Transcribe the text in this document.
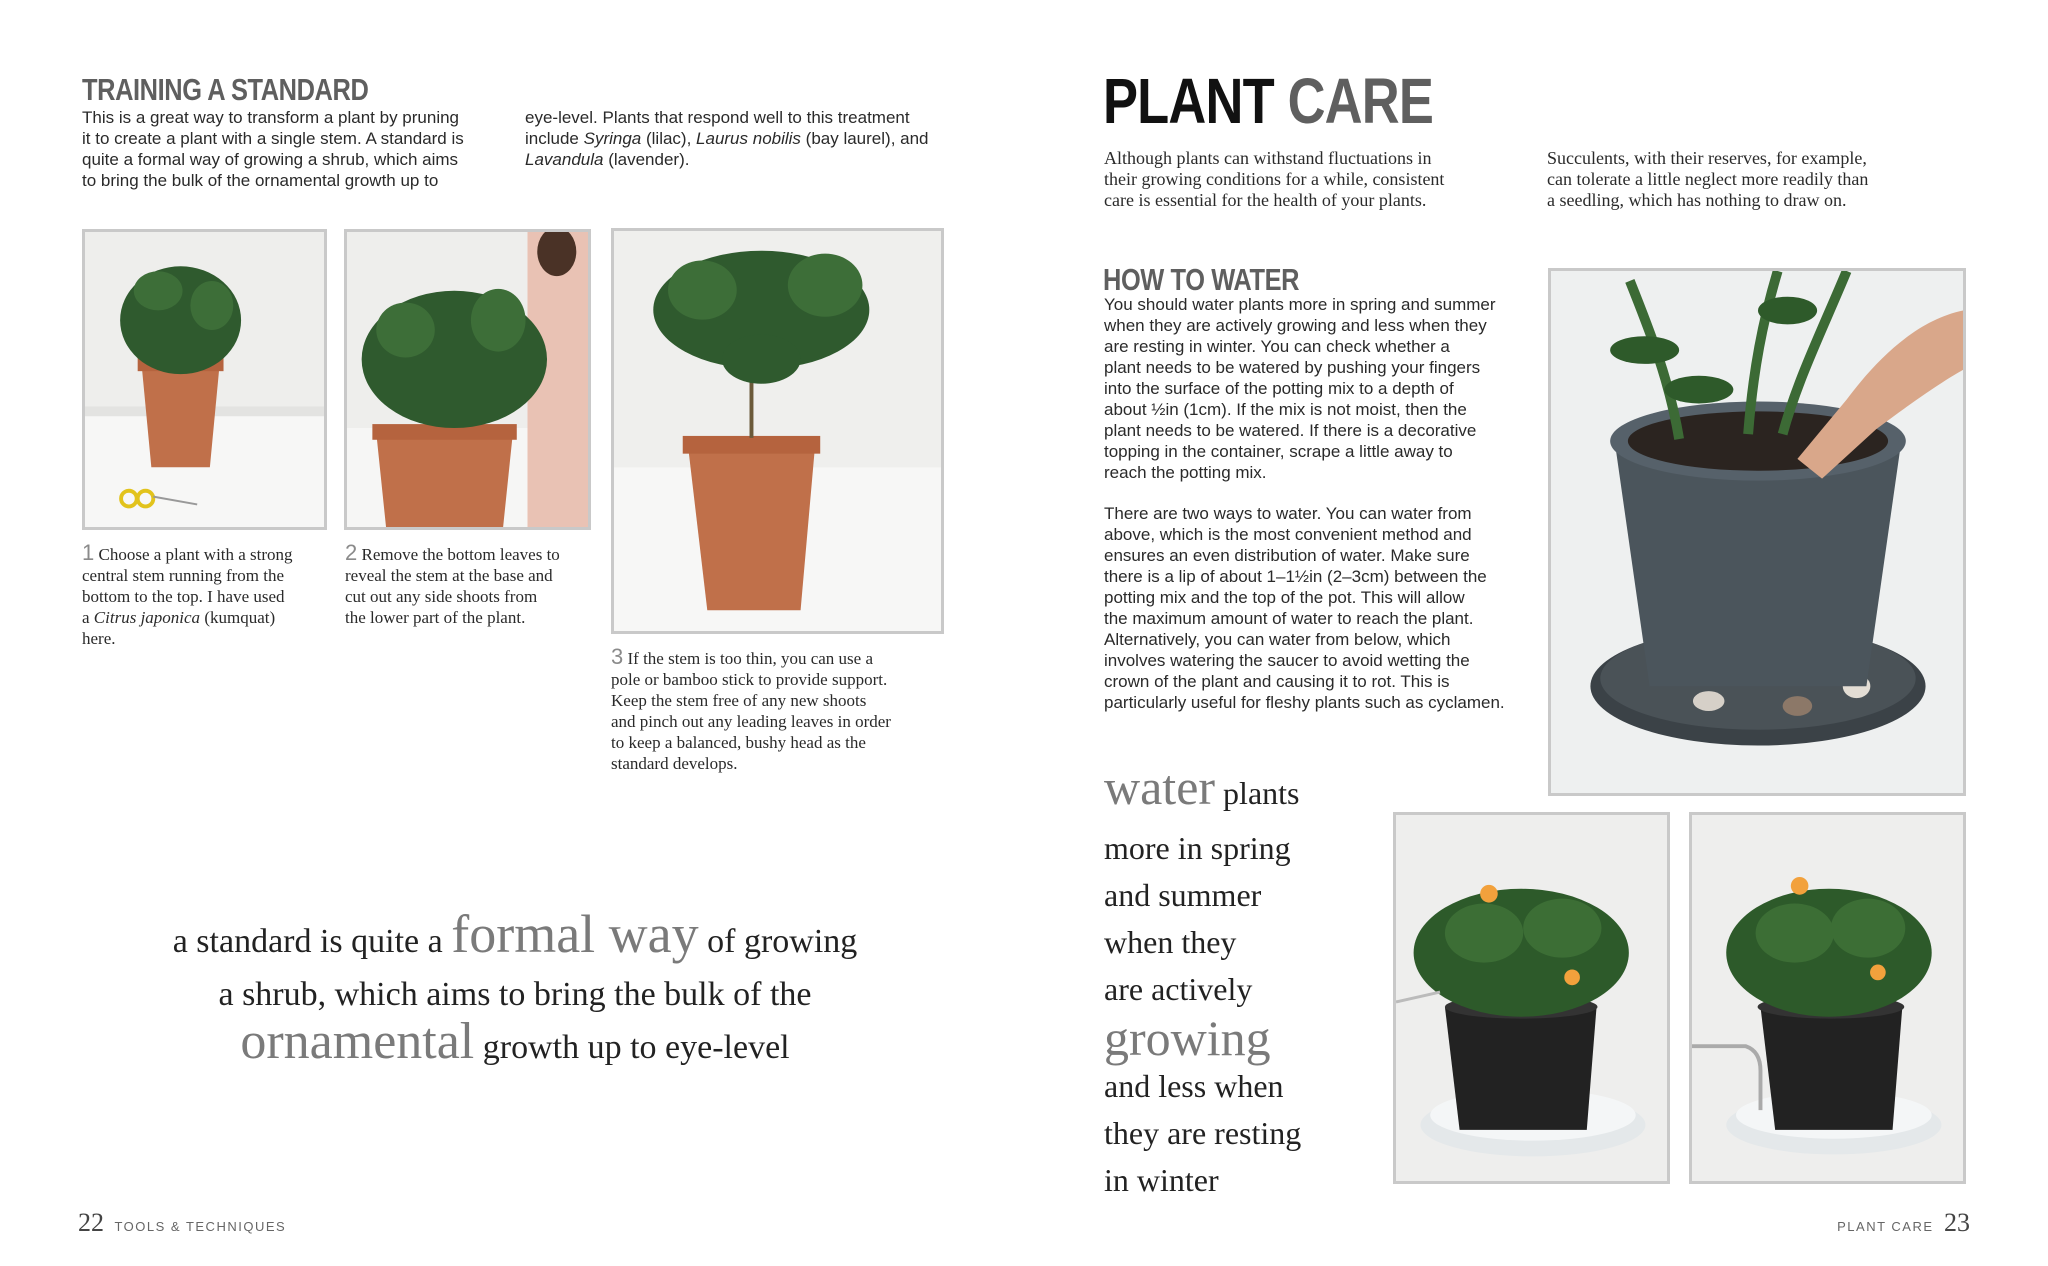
TRAINING A STANDARD
This is a great way to transform a plant by pruning
it to create a plant with a single stem. A standard is
quite a formal way of growing a shrub, which aims
to bring the bulk of the ornamental growth up to
eye-level. Plants that respond well to this treatment
include Syringa (lilac), Laurus nobilis (bay laurel), and
Lavandula (lavender).
1 Choose a plant with a strong
central stem running from the
bottom to the top. I have used
a Citrus japonica (kumquat)
here.
2 Remove the bottom leaves to
reveal the stem at the base and
cut out any side shoots from
the lower part of the plant.
3 If the stem is too thin, you can use a
pole or bamboo stick to provide support.
Keep the stem free of any new shoots
and pinch out any leading leaves in order
to keep a balanced, bushy head as the
standard develops.
a standard is quite a formal way of growing
a shrub, which aims to bring the bulk of the
ornamental growth up to eye-level
22 TOOLS & TECHNIQUES
PLANT CARE
Although plants can withstand fluctuations in
their growing conditions for a while, consistent
care is essential for the health of your plants.
Succulents, with their reserves, for example,
can tolerate a little neglect more readily than
a seedling, which has nothing to draw on.
HOW TO WATER
You should water plants more in spring and summer
when they are actively growing and less when they
are resting in winter. You can check whether a
plant needs to be watered by pushing your fingers
into the surface of the potting mix to a depth of
about ½in (1cm). If the mix is not moist, then the
plant needs to be watered. If there is a decorative
topping in the container, scrape a little away to
reach the potting mix.
There are two ways to water. You can water from
above, which is the most convenient method and
ensures an even distribution of water. Make sure
there is a lip of about 1–1½in (2–3cm) between the
potting mix and the top of the pot. This will allow
the maximum amount of water to reach the plant.
Alternatively, you can water from below, which
involves watering the saucer to avoid wetting the
crown of the plant and causing it to rot. This is
particularly useful for fleshy plants such as cyclamen.
water plants
more in spring
and summer
when they
are actively
growing
and less when
they are resting
in winter
PLANT CARE 23
